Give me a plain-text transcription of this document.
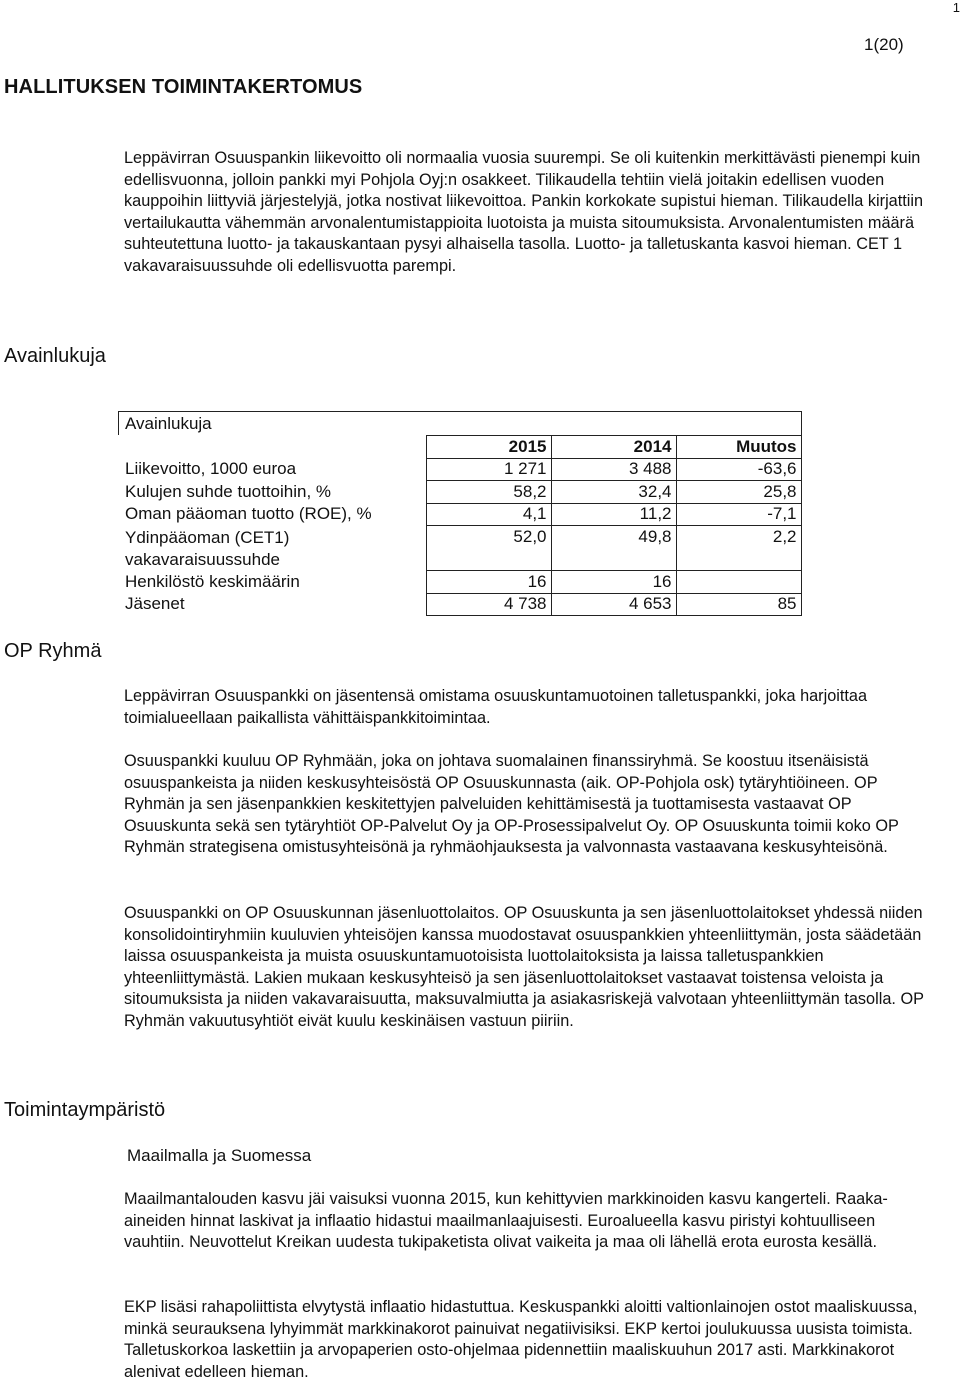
1
1(20)
HALLITUKSEN TOIMINTAKERTOMUS

Leppävirran Osuuspankin liikevoitto oli normaalia vuosia suurempi. Se oli kuitenkin merkittävästi pienempi kuin edellisvuonna, jolloin pankki myi Pohjola Oyj:n osakkeet. Tilikaudella tehtiin vielä joitakin edellisen vuoden kauppoihin liittyviä järjestelyjä, jotka nostivat liikevoittoa. Pankin korkokate supistui hieman. Tilikaudella kirjattiin vertailukautta vähemmän arvonalentumistappioita luotoista ja muista sitoumuksista. Arvonalentumisten määrä suhteutettuna luotto- ja takauskantaan pysyi alhaisella tasolla. Luotto- ja talletuskanta kasvoi hieman. CET 1 vakavaraisuussuhde oli edellisvuotta parempi.

Avainlukuja
Avainlukuja
	2015	2014	Muutos
Liikevoitto, 1000 euroa	1 271	3 488	-63,6
Kulujen suhde tuottoihin, %	58,2	32,4	25,8
Oman pääoman tuotto (ROE), %	4,1	11,2	-7,1

Ydinpääoman (CET1) vakavaraisuussuhde	52,0	49,8	2,2
Henkilöstö keskimäärin	16	16	
Jäsenet	4 738	4 653	85
OP Ryhmä

Leppävirran Osuuspankki on jäsentensä omistama osuuskuntamuotoinen talletuspankki, joka harjoittaa toimialueellaan paikallista vähittäispankkitoimintaa.

Osuuspankki kuuluu OP Ryhmään, joka on johtava suomalainen finanssiryhmä. Se koostuu itsenäisistä osuuspankeista ja niiden keskusyhteisöstä OP Osuuskunnasta (aik. OP-Pohjola osk) tytäryhtiöineen. OP Ryhmän ja sen jäsenpankkien keskitettyjen palveluiden kehittämisestä ja tuottamisesta vastaavat OP Osuuskunta sekä sen tytäryhtiöt OP-Palvelut Oy ja OP-Prosessipalvelut Oy. OP Osuuskunta toimii koko OP Ryhmän strategisena omistusyhteisönä ja ryhmäohjauksesta ja valvonnasta vastaavana keskusyhteisönä.

Osuuspankki on OP Osuuskunnan jäsenluottolaitos. OP Osuuskunta ja sen jäsenluottolaitokset yhdessä niiden konsolidointiryhmiin kuuluvien yhteisöjen kanssa muodostavat osuuspankkien yhteenliittymän, josta säädetään laissa osuuspankeista ja muista osuuskuntamuotoisista luottolaitoksista ja laissa talletuspankkien yhteenliittymästä. Lakien mukaan keskusyhteisö ja sen jäsenluottolaitokset vastaavat toistensa veloista ja sitoumuksista ja niiden vakavaraisuutta, maksuvalmiutta ja asiakasriskejä valvotaan yhteenliittymän tasolla. OP Ryhmän vakuutusyhtiöt eivät kuulu keskinäisen vastuun piiriin.

Toimintaympäristö
Maailmalla ja Suomessa

Maailmantalouden kasvu jäi vaisuksi vuonna 2015, kun kehittyvien markkinoiden kasvu kangerteli. Raaka-aineiden hinnat laskivat ja inflaatio hidastui maailmanlaajuisesti. Euroalueella kasvu piristyi kohtuulliseen vauhtiin. Neuvottelut Kreikan uudesta tukipaketista olivat vaikeita ja maa oli lähellä erota eurosta kesällä.

EKP lisäsi rahapoliittista elvytystä inflaatio hidastuttua. Keskuspankki aloitti valtionlainojen ostot maaliskuussa, minkä seurauksena lyhyimmät markkinakorot painuivat negatiivisiksi. EKP kertoi joulukuussa uusista toimista. Talletuskorkoa laskettiin ja arvopaperien osto-ohjelmaa pidennettiin maaliskuuhun 2017 asti. Markkinakorot alenivat edelleen hieman.
